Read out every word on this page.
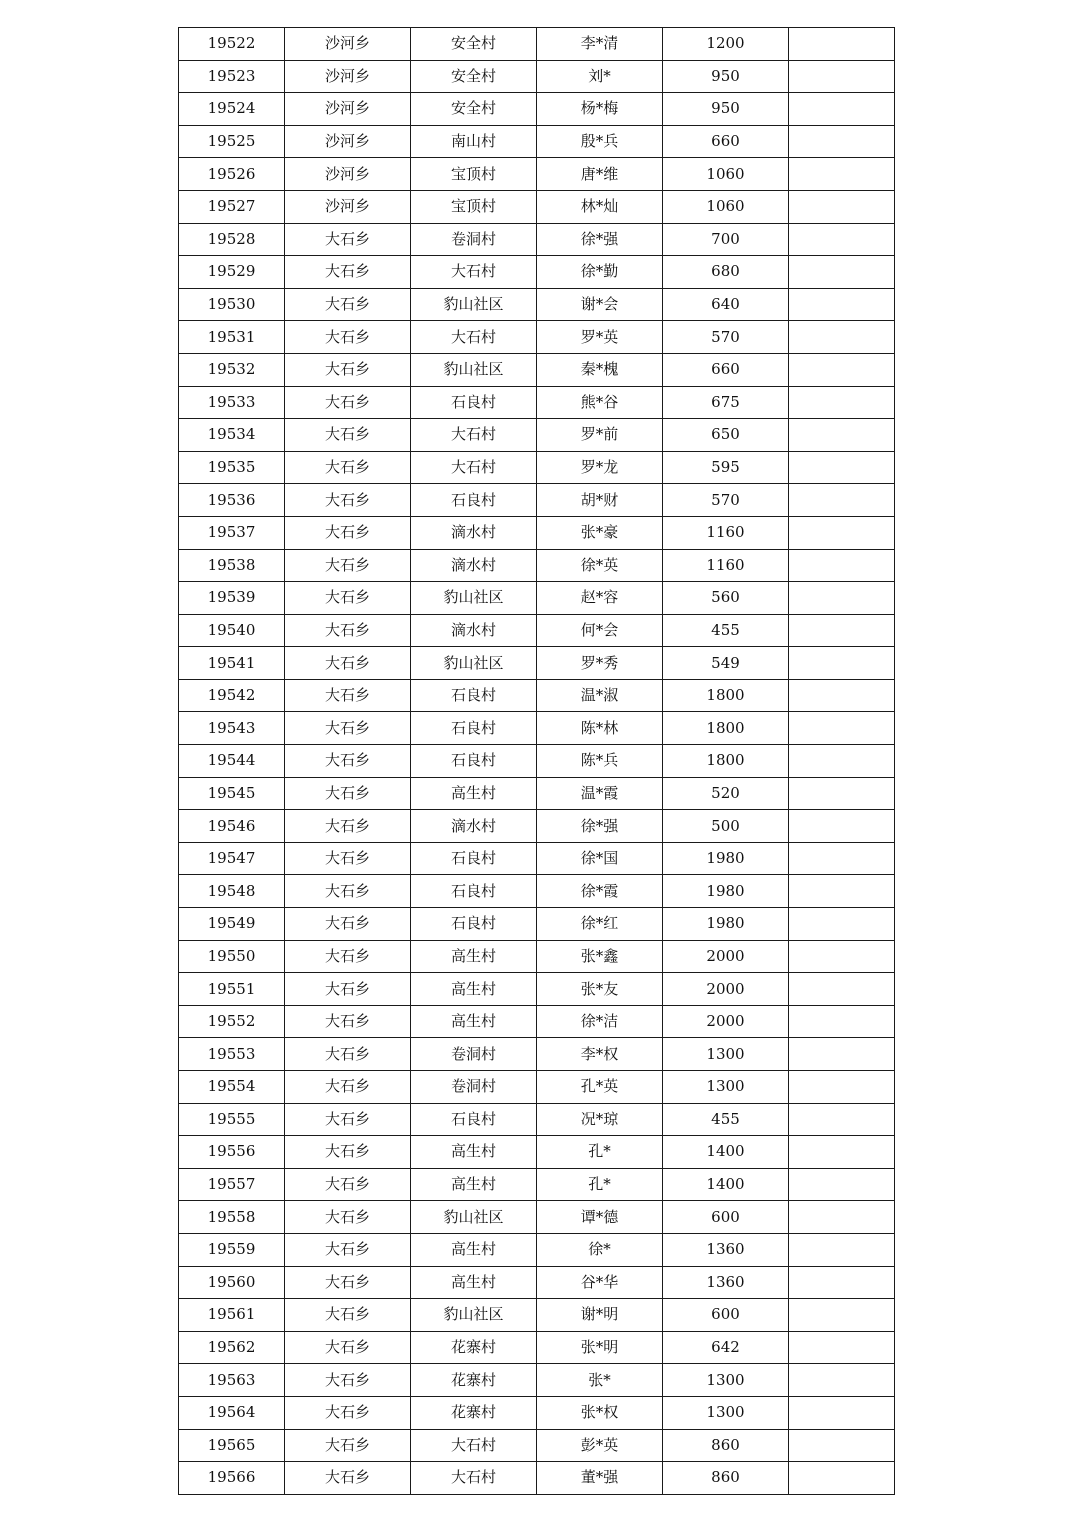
19522	沙河乡	安全村	李*清	1200	
19523	沙河乡	安全村	刘*	950	
19524	沙河乡	安全村	杨*梅	950	
19525	沙河乡	南山村	殷*兵	660	
19526	沙河乡	宝顶村	唐*维	1060	
19527	沙河乡	宝顶村	林*灿	1060	
19528	大石乡	卷洞村	徐*强	700	
19529	大石乡	大石村	徐*勤	680	
19530	大石乡	豹山社区	谢*会	640	
19531	大石乡	大石村	罗*英	570	
19532	大石乡	豹山社区	秦*槐	660	
19533	大石乡	石良村	熊*谷	675	
19534	大石乡	大石村	罗*前	650	
19535	大石乡	大石村	罗*龙	595	
19536	大石乡	石良村	胡*财	570	
19537	大石乡	滴水村	张*豪	1160	
19538	大石乡	滴水村	徐*英	1160	
19539	大石乡	豹山社区	赵*容	560	
19540	大石乡	滴水村	何*会	455	
19541	大石乡	豹山社区	罗*秀	549	
19542	大石乡	石良村	温*淑	1800	
19543	大石乡	石良村	陈*林	1800	
19544	大石乡	石良村	陈*兵	1800	
19545	大石乡	高生村	温*霞	520	
19546	大石乡	滴水村	徐*强	500	
19547	大石乡	石良村	徐*国	1980	
19548	大石乡	石良村	徐*霞	1980	
19549	大石乡	石良村	徐*红	1980	
19550	大石乡	高生村	张*鑫	2000	
19551	大石乡	高生村	张*友	2000	
19552	大石乡	高生村	徐*洁	2000	
19553	大石乡	卷洞村	李*权	1300	
19554	大石乡	卷洞村	孔*英	1300	
19555	大石乡	石良村	况*琼	455	
19556	大石乡	高生村	孔*	1400	
19557	大石乡	高生村	孔*	1400	
19558	大石乡	豹山社区	谭*德	600	
19559	大石乡	高生村	徐*	1360	
19560	大石乡	高生村	谷*华	1360	
19561	大石乡	豹山社区	谢*明	600	
19562	大石乡	花寨村	张*明	642	
19563	大石乡	花寨村	张*	1300	
19564	大石乡	花寨村	张*权	1300	
19565	大石乡	大石村	彭*英	860	
19566	大石乡	大石村	董*强	860	
